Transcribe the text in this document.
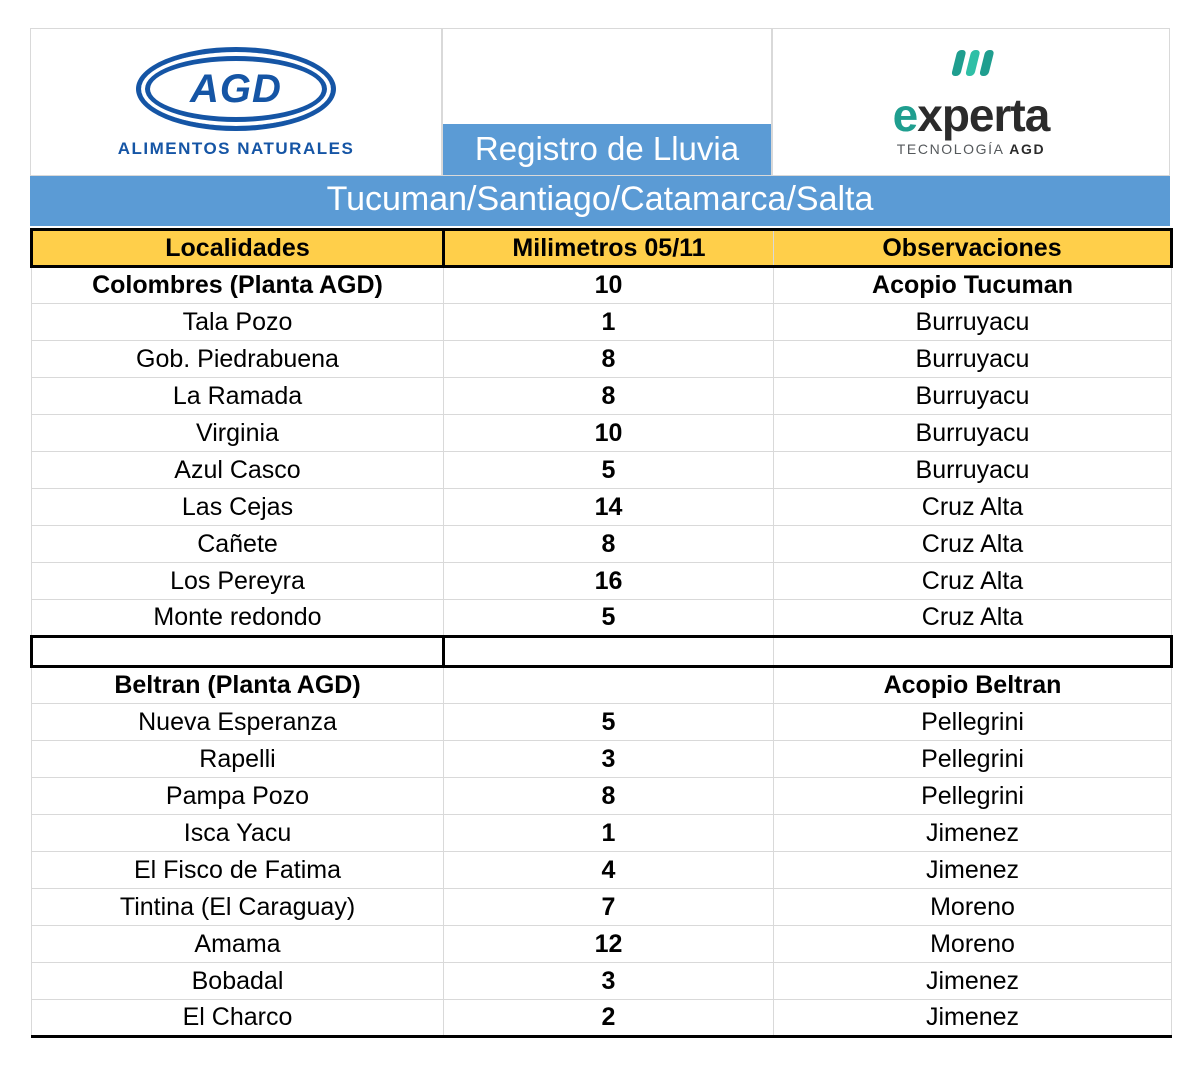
AGD
ALIMENTOS NATURALES	Registro de Lluvia
experta
TECNOLOGÍA AGD
Tucuman/Santiago/Catamarca/Salta
Localidades	Milimetros 05/11	Observaciones
Colombres (Planta AGD)	10	Acopio Tucuman
Tala Pozo	1	Burruyacu
Gob. Piedrabuena	8	Burruyacu
La Ramada	8	Burruyacu
Virginia	10	Burruyacu
Azul Casco	5	Burruyacu
Las Cejas	14	Cruz Alta
Cañete	8	Cruz Alta
Los Pereyra	16	Cruz Alta
Monte redondo	5	Cruz Alta

Beltran (Planta AGD)		Acopio Beltran
Nueva Esperanza	5	Pellegrini
Rapelli	3	Pellegrini
Pampa Pozo	8	Pellegrini
Isca Yacu	1	Jimenez
El Fisco de Fatima	4	Jimenez
Tintina (El Caraguay)	7	Moreno
Amama	12	Moreno
Bobadal	3	Jimenez
El Charco	2	Jimenez
